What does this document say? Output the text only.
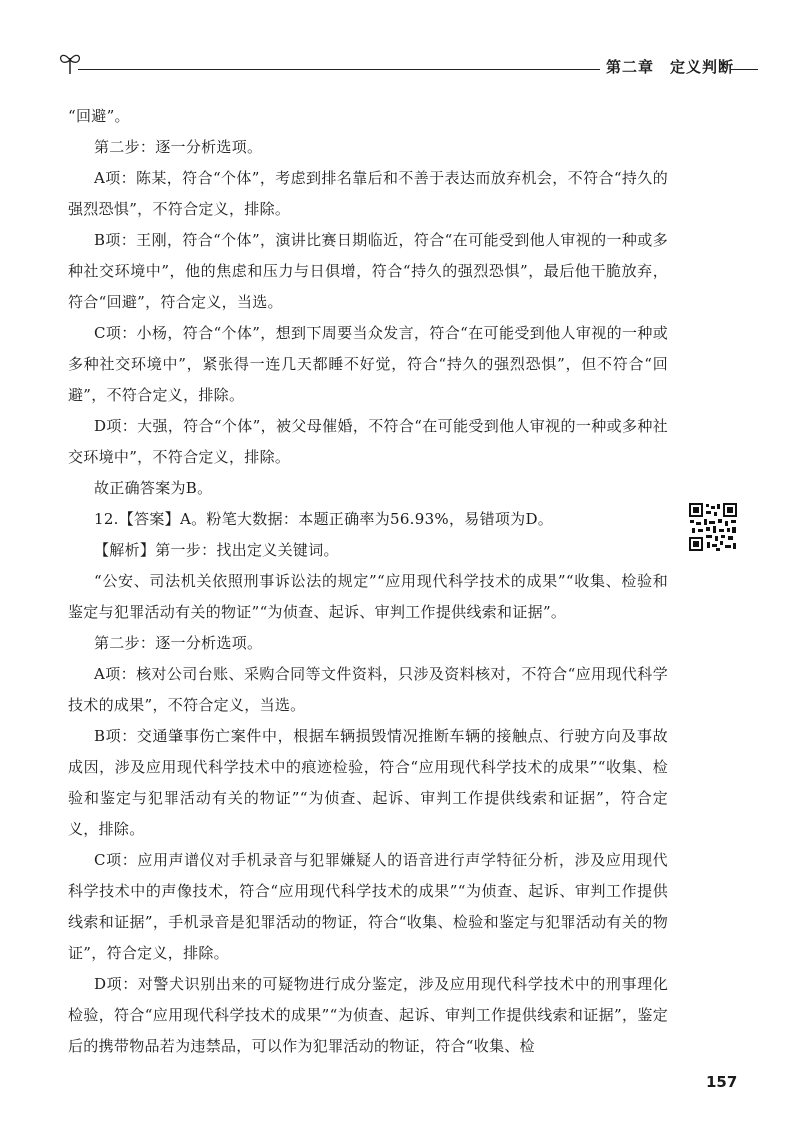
第二章　定义判断

“回避”。

第二步：逐一分析选项。

A项：陈某，符合“个体”，考虑到排名靠后和不善于表达而放弃机会，不符合“持久的强烈恐惧”，不符合定义，排除。

B项：王刚，符合“个体”，演讲比赛日期临近，符合“在可能受到他人审视的一种或多种社交环境中”，他的焦虑和压力与日俱增，符合“持久的强烈恐惧”，最后他干脆放弃，符合“回避”，符合定义，当选。

C项：小杨，符合“个体”，想到下周要当众发言，符合“在可能受到他人审视的一种或多种社交环境中”，紧张得一连几天都睡不好觉，符合“持久的强烈恐惧”，但不符合“回避”，不符合定义，排除。

D项：大强，符合“个体”，被父母催婚，不符合“在可能受到他人审视的一种或多种社交环境中”，不符合定义，排除。

故正确答案为B。

12.【答案】A。粉笔大数据：本题正确率为56.93%，易错项为D。

【解析】第一步：找出定义关键词。

“公安、司法机关依照刑事诉讼法的规定”“应用现代科学技术的成果”“收集、检验和鉴定与犯罪活动有关的物证”“为侦查、起诉、审判工作提供线索和证据”。

第二步：逐一分析选项。

A项：核对公司台账、采购合同等文件资料，只涉及资料核对，不符合“应用现代科学技术的成果”，不符合定义，当选。

B项：交通肇事伤亡案件中，根据车辆损毁情况推断车辆的接触点、行驶方向及事故成因，涉及应用现代科学技术中的痕迹检验，符合“应用现代科学技术的成果”“收集、检验和鉴定与犯罪活动有关的物证”“为侦查、起诉、审判工作提供线索和证据”，符合定义，排除。

C项：应用声谱仪对手机录音与犯罪嫌疑人的语音进行声学特征分析，涉及应用现代科学技术中的声像技术，符合“应用现代科学技术的成果”“为侦查、起诉、审判工作提供线索和证据”，手机录音是犯罪活动的物证，符合“收集、检验和鉴定与犯罪活动有关的物证”，符合定义，排除。

D项：对警犬识别出来的可疑物进行成分鉴定，涉及应用现代科学技术中的刑事理化检验，符合“应用现代科学技术的成果”“为侦查、起诉、审判工作提供线索和证据”，鉴定后的携带物品若为违禁品，可以作为犯罪活动的物证，符合“收集、检

157
